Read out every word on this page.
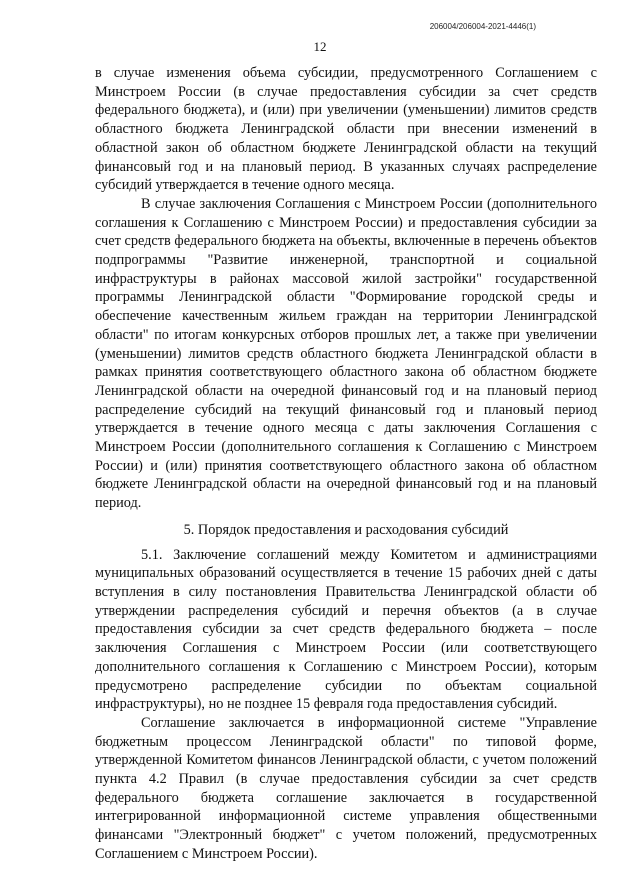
206004/206004-2021-4446(1)
12

в случае изменения объема субсидии, предусмотренного Соглашением с Минстроем России (в случае предоставления субсидии за счет средств федерального бюджета), и (или) при увеличении (уменьшении) лимитов средств областного бюджета Ленинградской области при внесении изменений в областной закон об областном бюджете Ленинградской области на текущий финансовый год и на плановый период. В указанных случаях распределение субсидий утверждается в течение одного месяца.

В случае заключения Соглашения с Минстроем России (дополнительного соглашения к Соглашению с Минстроем России) и предоставления субсидии за счет средств федерального бюджета на объекты, включенные в перечень объектов подпрограммы "Развитие инженерной, транспортной и социальной инфраструктуры в районах массовой жилой застройки" государственной программы Ленинградской области "Формирование городской среды и обеспечение качественным жильем граждан на территории Ленинградской области" по итогам конкурсных отборов прошлых лет, а также при увеличении (уменьшении) лимитов средств областного бюджета Ленинградской области в рамках принятия соответствующего областного закона об областном бюджете Ленинградской области на очередной финансовый год и на плановый период распределение субсидий на текущий финансовый год и плановый период утверждается в течение одного месяца с даты заключения Соглашения с Минстроем России (дополнительного соглашения к Соглашению с Минстроем России) и (или) принятия соответствующего областного закона об областном бюджете Ленинградской области на очередной финансовый год и на плановый период.

5. Порядок предоставления и расходования субсидий

5.1. Заключение соглашений между Комитетом и администрациями муниципальных образований осуществляется в течение 15 рабочих дней с даты вступления в силу постановления Правительства Ленинградской области об утверждении распределения субсидий и перечня объектов (а в случае предоставления субсидии за счет средств федерального бюджета – после заключения Соглашения с Минстроем России (или соответствующего дополнительного соглашения к Соглашению с Минстроем России), которым предусмотрено распределение субсидии по объектам социальной инфраструктуры), но не позднее 15 февраля года предоставления субсидий.

Соглашение заключается в информационной системе "Управление бюджетным процессом Ленинградской области" по типовой форме, утвержденной Комитетом финансов Ленинградской области, с учетом положений пункта 4.2 Правил (в случае предоставления субсидии за счет средств федерального бюджета соглашение заключается в государственной интегрированной информационной системе управления общественными финансами "Электронный бюджет" с учетом положений, предусмотренных Соглашением с Минстроем России).
